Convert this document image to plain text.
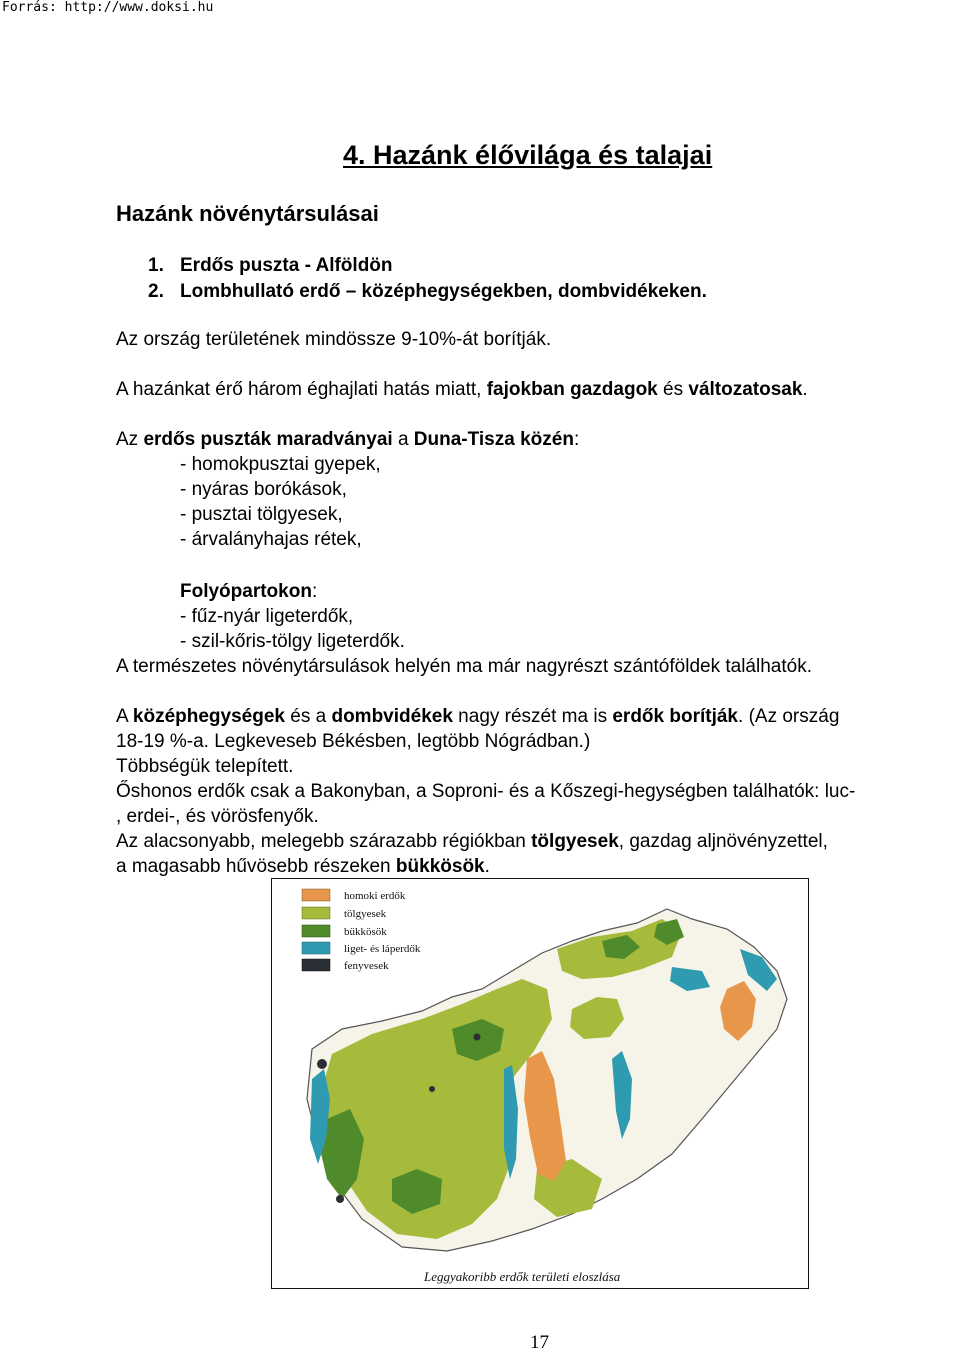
Forrás: http://www.doksi.hu
4. Hazánk élővilága és talajai
Hazánk növénytársulásai
1. Erdős puszta - Alföldön
2. Lombhullató erdő – középhegységekben, dombvidékeken.
Az ország területének mindössze 9-10%-át borítják.
A hazánkat érő három éghajlati hatás miatt, fajokban gazdagok és változatosak.
Az erdős puszták maradványai a Duna-Tisza közén:
- homokpusztai gyepek,
- nyáras borókások,
- pusztai tölgyesek,
- árvalányhajas rétek,
Folyópartokon:
- fűz-nyár ligeterdők,
- szil-kőris-tölgy ligeterdők.
A természetes növénytársulások helyén ma már nagyrészt szántóföldek találhatók.
A középhegységek és a dombvidékek nagy részét ma is erdők borítják. (Az ország
18-19 %-a. Legkeveseb Békésben, legtöbb Nógrádban.)
Többségük telepített.
Őshonos erdők csak a Bakonyban, a Soproni- és a Kőszegi-hegységben találhatók: luc-
, erdei-, és vörösfenyők.
Az alacsonyabb, melegebb szárazabb régiókban tölgyesek, gazdag aljnövényzettel,
a magasabb hűvösebb részeken bükkösök.
homoki erdők
tölgyesek
bükkösök
liget- és láperdők
fenyvesek
Leggyakoribb erdők területi eloszlása
17
